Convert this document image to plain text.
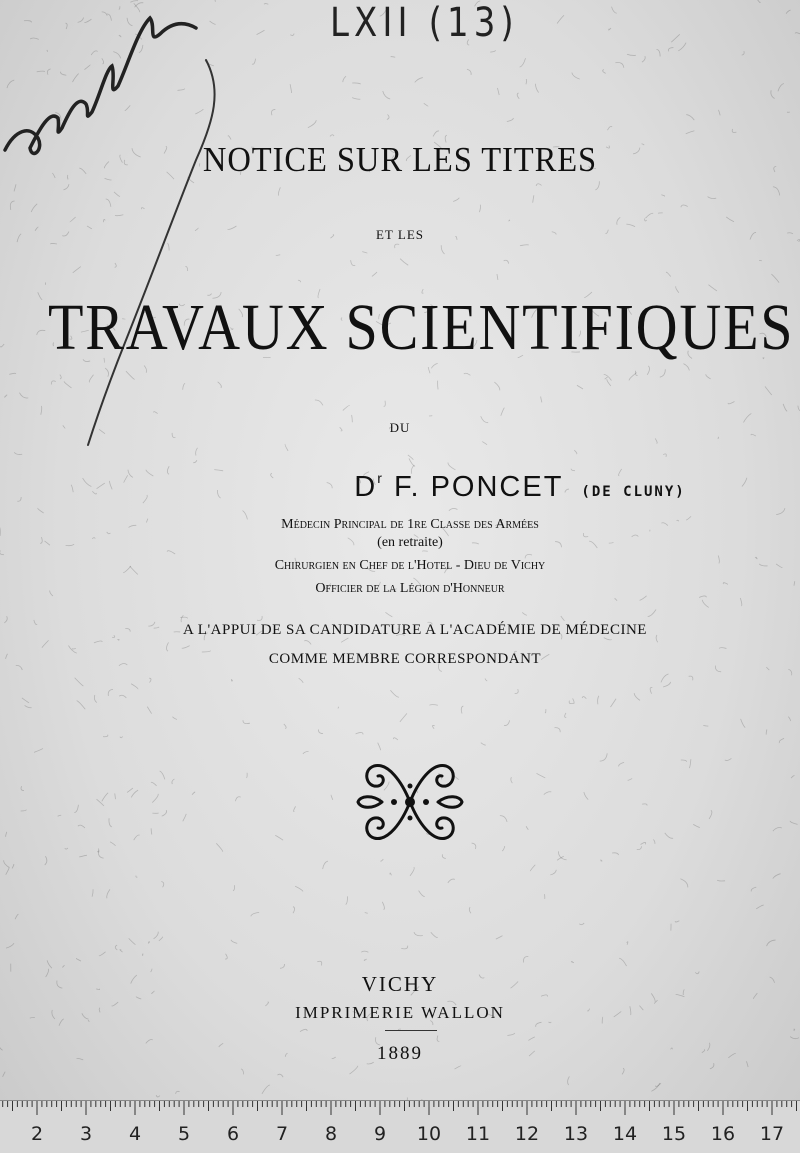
LXII (13)
NOTICE SUR LES TITRES
ET LES
TRAVAUX SCIENTIFIQUES
DU
$D^r$ F. PONCET (DE CLUNY)
Médecin Principal de 1re Classe des Armées
(en retraite)
Chirurgien en Chef de l'Hotel - Dieu de Vichy
Officier de la Légion d'Honneur
A L'APPUI DE SA CANDIDATURE A L'ACADÉMIE DE MÉDECINE
COMME MEMBRE CORRESPONDANT
VICHY
IMPRIMERIE WALLON
1889
2 3 4 5 6 7 8 9 10 11 12 13 14 15 16 17
